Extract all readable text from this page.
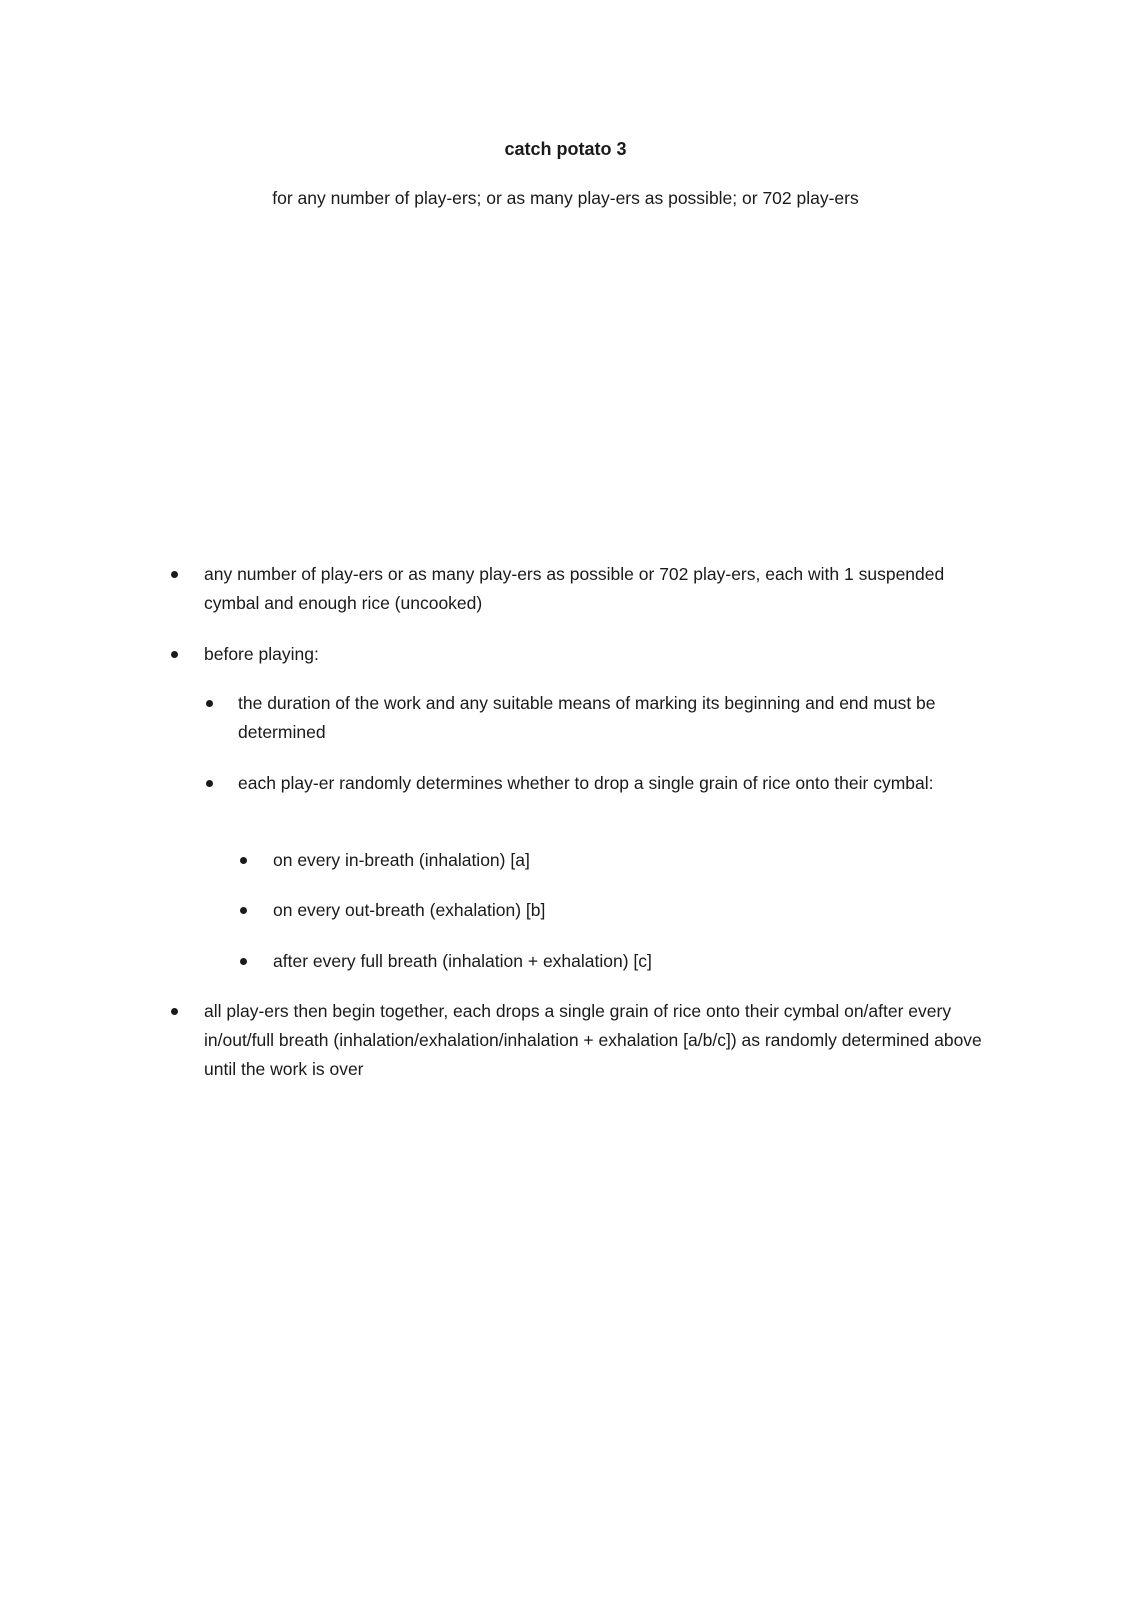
catch potato 3
for any number of play-ers; or as many play-ers as possible; or 702 play-ers

any number of play-ers or as many play-ers as possible or 702 play-ers, each with 1 suspended cymbal and enough rice (uncooked)

before playing:

the duration of the work and any suitable means of marking its beginning and end must be determined

each play-er randomly determines whether to drop a single grain of rice onto their cymbal:

on every in-breath (inhalation) [a]

on every out-breath (exhalation) [b]

after every full breath (inhalation + exhalation) [c]

all play-ers then begin together, each drops a single grain of rice onto their cymbal on/after every in/out/full breath (inhalation/exhalation/inhalation + exhalation [a/b/c]) as randomly determined above until the work is over
